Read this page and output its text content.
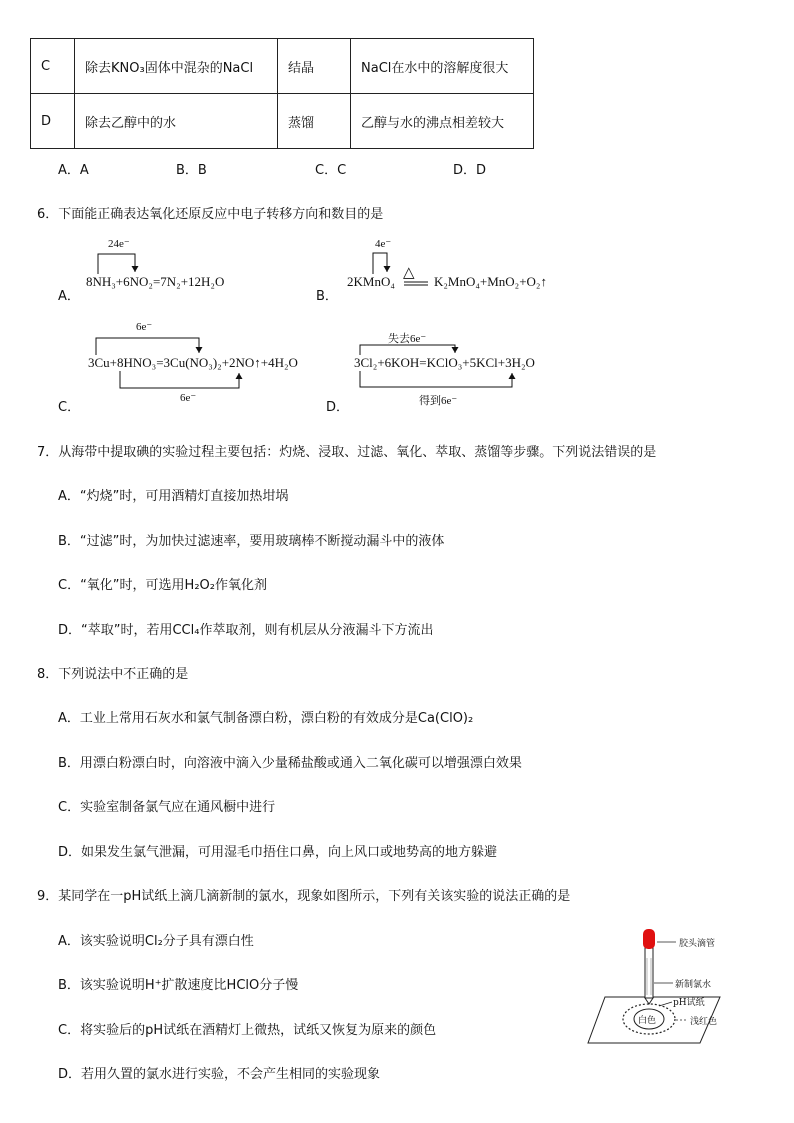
C	除去KNO₃固体中混杂的NaCl	结晶	NaCl在水中的溶解度很大
D	除去乙醇中的水	蒸馏	乙醇与水的沸点相差较大
A．A	B．B	C．C	D．D
6．下面能正确表达氧化还原反应中电子转移方向和数目的是
A．
24e⁻
8NH₃+6NO₂=7N₂+12H₂O
B．
4e⁻
2KMnO₄
△
K₂MnO₄+MnO₂+O₂↑
C．
6e⁻
3Cu+8HNO₃=3Cu(NO₃)₂+2NO↑+4H₂O
6e⁻
D．
失去6e⁻
3Cl₂+6KOH=KClO₃+5KCl+3H₂O
得到6e⁻
7．从海带中提取碘的实验过程主要包括：灼烧、浸取、过滤、氧化、萃取、蒸馏等步骤。下列说法错误的是
A．“灼烧”时，可用酒精灯直接加热坩埚
B．“过滤”时，为加快过滤速率，要用玻璃棒不断搅动漏斗中的液体
C．“氧化”时，可选用H₂O₂作氧化剂
D．“萃取”时，若用CCl₄作萃取剂，则有机层从分液漏斗下方流出
8．下列说法中不正确的是
A．工业上常用石灰水和氯气制备漂白粉，漂白粉的有效成分是Ca(ClO)₂
B．用漂白粉漂白时，向溶液中滴入少量稀盐酸或通入二氧化碳可以增强漂白效果
C．实验室制备氯气应在通风橱中进行
D．如果发生氯气泄漏，可用湿毛巾捂住口鼻，向上风口或地势高的地方躲避
9．某同学在一pH试纸上滴几滴新制的氯水，现象如图所示，下列有关该实验的说法正确的是
A．该实验说明Cl₂分子具有漂白性
B．该实验说明H⁺扩散速度比HClO分子慢
C．将实验后的pH试纸在酒精灯上微热，试纸又恢复为原来的颜色
D．若用久置的氯水进行实验，不会产生相同的实验现象
胶头滴管
新制氯水
pH试纸
白色	浅红色
